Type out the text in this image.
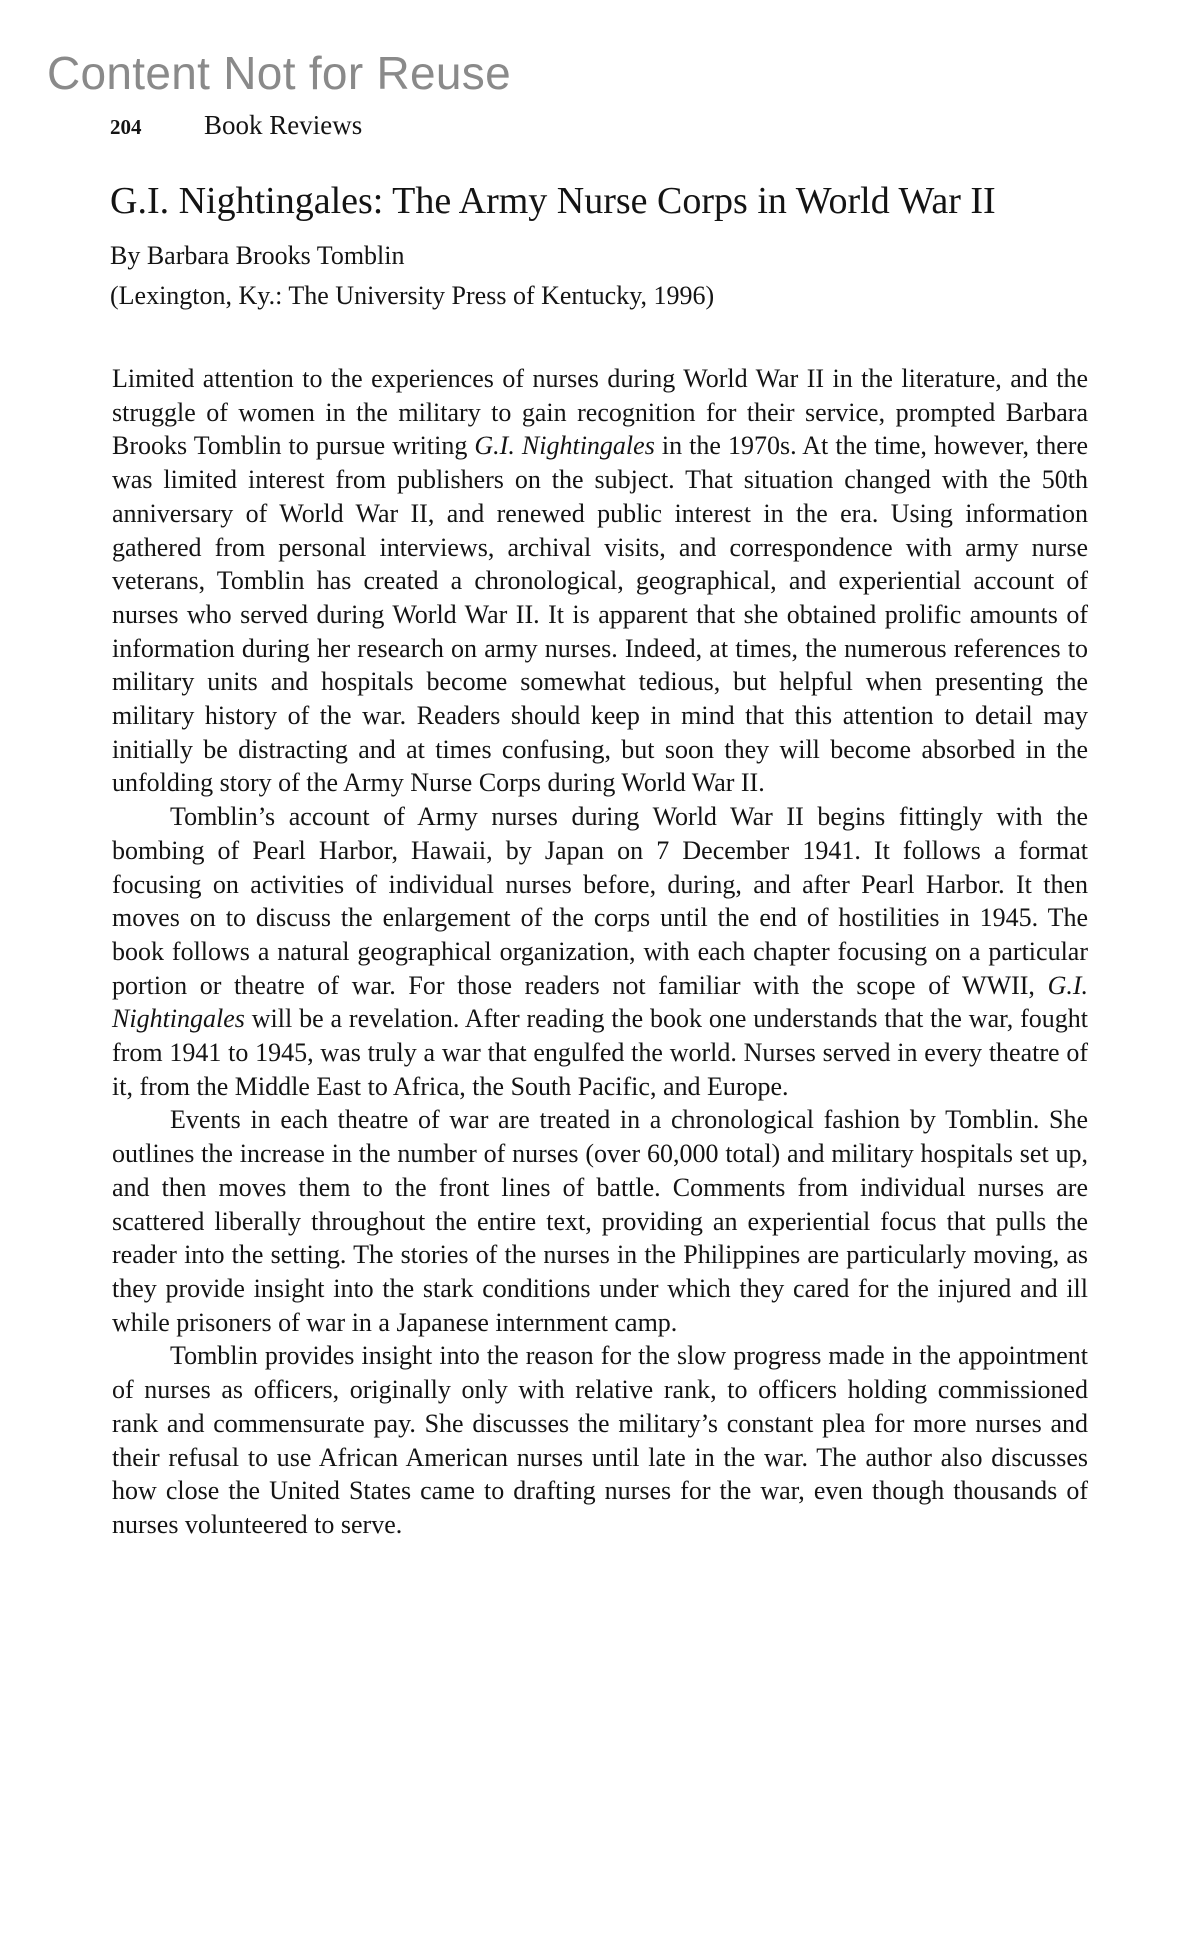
Content Not for Reuse
204	Book Reviews
G.I. Nightingales: The Army Nurse Corps in World War II
By Barbara Brooks Tomblin
(Lexington, Ky.: The University Press of Kentucky, 1996)

Limited attention to the experiences of nurses during World War II in the literature, and the struggle of women in the military to gain recognition for their service, prompted Barbara Brooks Tomblin to pursue writing G.I. Nightingales in the 1970s. At the time, however, there was limited interest from publishers on the subject. That situation changed with the 50th anniversary of World War II, and renewed public interest in the era. Using information gathered from personal interviews, archival visits, and correspondence with army nurse veterans, Tomblin has created a chronological, geographical, and experiential account of nurses who served during World War II. It is apparent that she obtained prolific amounts of information during her research on army nurses. Indeed, at times, the numerous references to military units and hospitals become somewhat tedious, but helpful when presenting the military history of the war. Readers should keep in mind that this attention to detail may initially be distracting and at times confusing, but soon they will become absorbed in the unfolding story of the Army Nurse Corps during World War II.

Tomblin’s account of Army nurses during World War II begins fittingly with the bombing of Pearl Harbor, Hawaii, by Japan on 7 December 1941. It follows a format focusing on activities of individual nurses before, during, and after Pearl Harbor. It then moves on to discuss the enlargement of the corps until the end of hostilities in 1945. The book follows a natural geographical organization, with each chapter focusing on a particular portion or theatre of war. For those readers not familiar with the scope of WWII, G.I. Nightingales will be a revelation. After reading the book one understands that the war, fought from 1941 to 1945, was truly a war that engulfed the world. Nurses served in every theatre of it, from the Middle East to Africa, the South Pacific, and Europe.

Events in each theatre of war are treated in a chronological fashion by Tomblin. She outlines the increase in the number of nurses (over 60,000 total) and military hospitals set up, and then moves them to the front lines of battle. Comments from individual nurses are scattered liberally throughout the entire text, providing an experiential focus that pulls the reader into the setting. The stories of the nurses in the Philippines are particularly moving, as they provide insight into the stark conditions under which they cared for the injured and ill while prisoners of war in a Japanese internment camp.

Tomblin provides insight into the reason for the slow progress made in the appointment of nurses as officers, originally only with relative rank, to officers holding commissioned rank and commensurate pay. She discusses the military’s constant plea for more nurses and their refusal to use African American nurses until late in the war. The author also discusses how close the United States came to drafting nurses for the war, even though thousands of nurses volunteered to serve.
